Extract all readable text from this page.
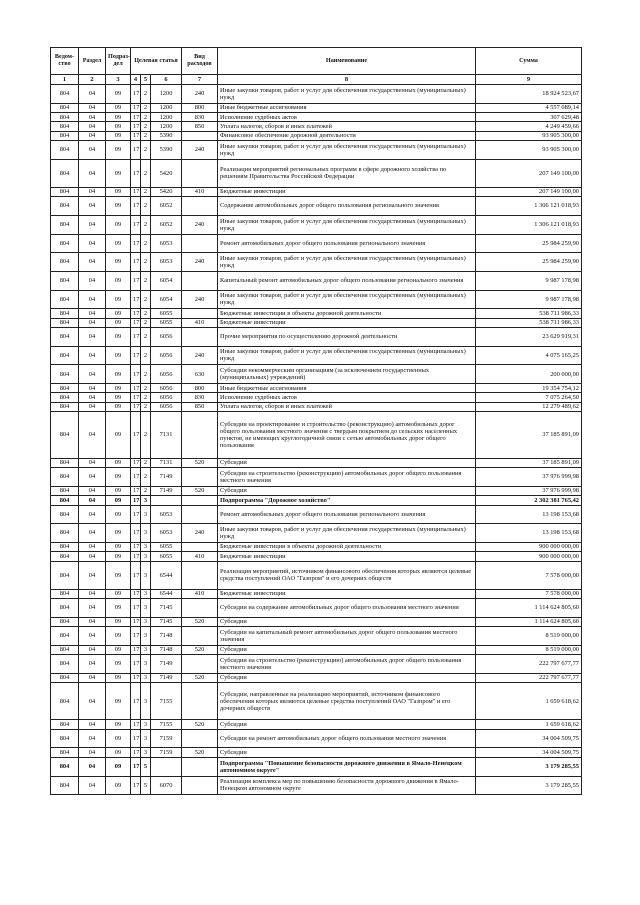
Ведом-ство	Раздел	Подраз-дел	Целевая статья			Вид расходов	Наименование	Сумма
1	2	3	4	5	6	7	8	9
804	04	09	17	2	1200	240	Иные закупки товаров, работ и услуг для обеспечения государственных (муниципальных) нужд	18 924 523,67
804	04	09	17	2	1200	800	Иные бюджетные ассигнования	4 557 089,14
804	04	09	17	2	1200	830	Исполнение судебных актов	307 629,48
804	04	09	17	2	1200	850	Уплата налогов, сборов и иных платежей	4 249 459,66
804	04	09	17	2	5390		Финансовое обеспечение дорожной деятельности	93 905 300,00
804	04	09	17	2	5390	240	Иные закупки товаров, работ и услуг для обеспечения государственных (муниципальных) нужд	93 905 300,00
804	04	09	17	2	5420		Реализация мероприятий региональных программ в сфере дорожного хозяйства по решениям Правительства Российской Федерации	207 149 100,00
804	04	09	17	2	5420	410	Бюджетные инвестиции	207 149 100,00
804	04	09	17	2	6052		Содержание автомобильных дорог общего пользования регионального значения	1 306 121 018,93
804	04	09	17	2	6052	240	Иные закупки товаров, работ и услуг для обеспечения государственных (муниципальных) нужд	1 306 121 018,93
804	04	09	17	2	6053		Ремонт автомобильных дорог общего пользования регионального значения	25 984 259,90
804	04	09	17	2	6053	240	Иные закупки товаров, работ и услуг для обеспечения государственных (муниципальных) нужд	25 984 259,90
804	04	09	17	2	6054		Капитальный ремонт автомобильных дорог общего пользования регионального значения	9 987 178,98
804	04	09	17	2	6054	240	Иные закупки товаров, работ и услуг для обеспечения государственных (муниципальных) нужд	9 987 178,98
804	04	09	17	2	6055		Бюджетные инвестиции в объекты дорожной деятельности	538 711 986,33
804	04	09	17	2	6055	410	Бюджетные инвестиции	538 711 986,33
804	04	09	17	2	6056		Прочие мероприятия по осуществлению дорожной деятельности	23 629 919,31
804	04	09	17	2	6056	240	Иные закупки товаров, работ и услуг для обеспечения государственных (муниципальных) нужд	4 075 165,25
804	04	09	17	2	6056	630	Субсидии некоммерческим организациям (за исключением государственных (муниципальных) учреждений)	200 000,00
804	04	09	17	2	6056	800	Иные бюджетные ассигнования	19 354 754,12
804	04	09	17	2	6056	830	Исполнение судебных актов	7 075 264,50
804	04	09	17	2	6056	850	Уплата налогов, сборов и иных платежей	12 279 489,62
804	04	09	17	2	7131		Субсидии на проектирование и строительство (реконструкцию) автомобильных дорог общего пользования местного значения с твердым покрытием до сельских населенных пунктов, не имеющих круглогодичной связи с сетью автомобильных дорог общего пользования	37 185 891,09
804	04	09	17	2	7131	520	Субсидии	37 185 891,09
804	04	09	17	2	7149		Субсидии на строительство (реконструкцию) автомобильных дорог общего пользования местного значения	37 976 999,98
804	04	09	17	2	7149	520	Субсидии	37 976 999,98
804	04	09	17	3			Подпрограмма "Дорожное хозяйство"	2 302 381 765,42
804	04	09	17	3	6053		Ремонт автомобильных дорог общего пользования регионального значения	13 198 153,68
804	04	09	17	3	6053	240	Иные закупки товаров, работ и услуг для обеспечения государственных (муниципальных) нужд	13 198 153,68
804	04	09	17	3	6055		Бюджетные инвестиции в объекты дорожной деятельности	900 000 000,00
804	04	09	17	3	6055	410	Бюджетные инвестиции	900 000 000,00
804	04	09	17	3	6544		Реализация мероприятий, источником финансового обеспечения которых являются целевые средства поступлений ОАО "Газпром" и его дочерних обществ	7 578 000,00
804	04	09	17	3	6544	410	Бюджетные инвестиции	7 578 000,00
804	04	09	17	3	7145		Субсидии на содержание автомобильных дорог общего пользования местного значения	1 114 624 805,60
804	04	09	17	3	7145	520	Субсидии	1 114 624 805,60
804	04	09	17	3	7148		Субсидии на капитальный ремонт автомобильных дорог общего пользования местного значения	8 519 000,00
804	04	09	17	3	7148	520	Субсидии	8 519 000,00
804	04	09	17	3	7149		Субсидии на строительство (реконструкцию) автомобильных дорог общего пользования местного значения	222 797 677,77
804	04	09	17	3	7149	520	Субсидии	222 797 677,77
804	04	09	17	3	7155		Субсидии, направленные на реализацию мероприятий, источником финансового обеспечения которых являются целевые средства поступлений ОАО "Газпром" и его дочерних обществ	1 659 618,62
804	04	09	17	3	7155	520	Субсидии	1 659 618,62
804	04	09	17	3	7159		Субсидии на ремонт автомобильных дорог общего пользования местного значения	34 004 509,75
804	04	09	17	3	7159	520	Субсидии	34 004 509,75
804	04	09	17	5			Подпрограмма "Повышение безопасности дорожного движения в Ямало-Ненецком автономном округе"	3 179 285,55
804	04	09	17	5	6070		Реализация комплекса мер по повышению безопасности дорожного движения в Ямало-Ненецком автономном округе	3 179 285,55
